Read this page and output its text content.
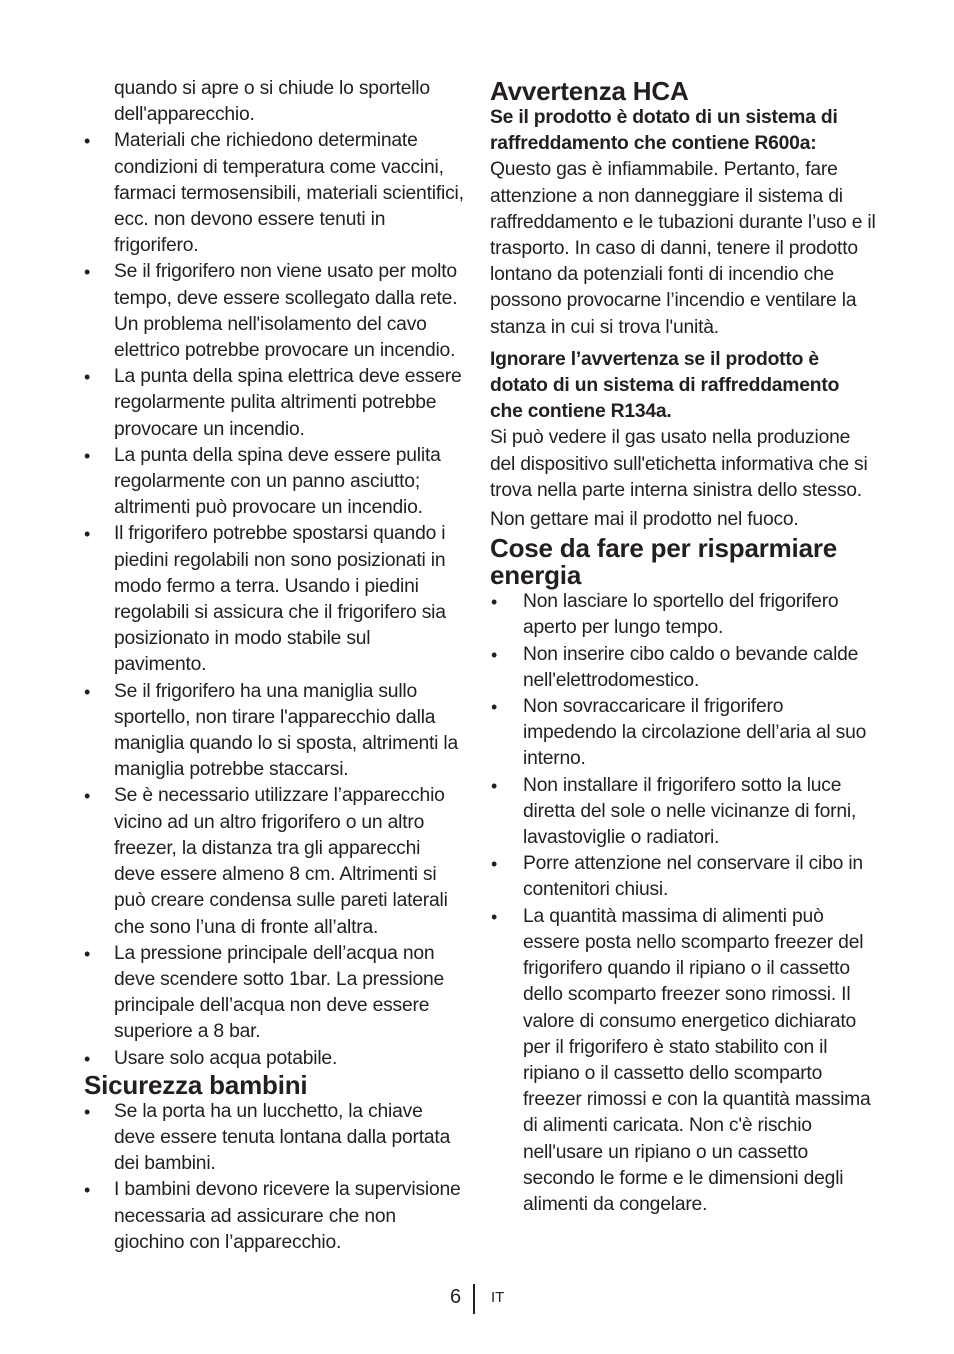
quando si apre o si chiude lo sportello dell'apparecchio.

• Materiali che richiedono determinate condizioni di temperatura come vaccini, farmaci termosensibili, materiali scientifici, ecc. non devono essere tenuti in frigorifero.
• Se il frigorifero non viene usato per molto tempo, deve essere scollegato dalla rete. Un problema nell'isolamento del cavo elettrico potrebbe provocare un incendio.
• La punta della spina elettrica deve essere regolarmente pulita altrimenti potrebbe provocare un incendio.
• La punta della spina deve essere pulita regolarmente con un panno asciutto; altrimenti può provocare un incendio.
• Il frigorifero potrebbe spostarsi quando i piedini regolabili non sono posizionati in modo fermo a terra. Usando i piedini regolabili si assicura che il frigorifero sia posizionato in modo stabile sul pavimento.
• Se il frigorifero ha una maniglia sullo sportello, non tirare l'apparecchio dalla maniglia quando lo si sposta, altrimenti la maniglia potrebbe staccarsi.
• Se è necessario utilizzare l’apparecchio vicino ad un altro frigorifero o un altro freezer, la distanza tra gli apparecchi deve essere almeno 8 cm. Altrimenti si può creare condensa sulle pareti laterali che sono l’una di fronte all’altra.
• La pressione principale dell’acqua non deve scendere sotto 1bar. La pressione principale dell’acqua non deve essere superiore a 8 bar.
• Usare solo acqua potabile.
Sicurezza bambini
• Se la porta ha un lucchetto, la chiave deve essere tenuta lontana dalla portata dei bambini.
• I bambini devono ricevere la supervisione necessaria ad assicurare che non giochino con l’apparecchio.
Avvertenza HCA
Se il prodotto è dotato di un sistema di raffreddamento che contiene R600a:

Questo gas è infiammabile. Pertanto, fare attenzione a non danneggiare il sistema di raffreddamento e le tubazioni durante l’uso e il trasporto. In caso di danni, tenere il prodotto lontano da potenziali fonti di incendio che possono provocarne l’incendio e ventilare la stanza in cui si trova l'unità.

Ignorare l’avvertenza se il prodotto è dotato di un sistema di raffreddamento che contiene R134a.

Si può vedere il gas usato nella produzione del dispositivo sull'etichetta informativa che si trova nella parte interna sinistra dello stesso.

Non gettare mai il prodotto nel fuoco.

Cose da fare per risparmiare energia
• Non lasciare lo sportello del frigorifero aperto per lungo tempo.
• Non inserire cibo caldo o bevande calde nell'elettrodomestico.
• Non sovraccaricare il frigorifero impedendo la circolazione dell’aria al suo interno.
• Non installare il frigorifero sotto la luce diretta del sole o nelle vicinanze di forni, lavastoviglie o radiatori.
• Porre attenzione nel conservare il cibo in contenitori chiusi.
• La quantità massima di alimenti può essere posta nello scomparto freezer del frigorifero quando il ripiano o il cassetto dello scomparto freezer sono rimossi. Il valore di consumo energetico dichiarato per il frigorifero è stato stabilito con il ripiano o il cassetto dello scomparto freezer rimossi e con la quantità massima di alimenti caricata. Non c'è rischio nell'usare un ripiano o un cassetto secondo le forme e le dimensioni degli alimenti da congelare.
6 IT
